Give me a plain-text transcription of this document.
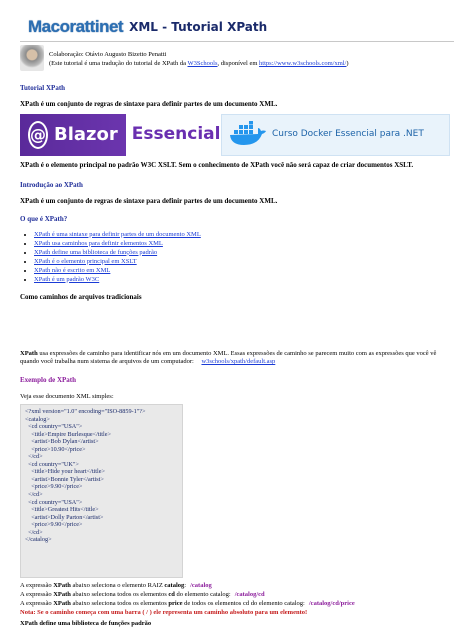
Macorattinet XML - Tutorial XPath
Colaboração: Otávio Augusto Bizetto Penatti
(Este tutorial é uma tradução do tutorial de XPath da W3Schools, disponível em https://www.w3schools.com/xml/)
Tutorial XPath
XPath é um conjunto de regras de sintaxe para definir partes de um documento XML.
@ Blazor Essencial	Curso Docker Essencial para .NET
XPath é o elemento principal no padrão W3C XSLT. Sem o conhecimento de XPath você não será capaz de criar documentos XSLT.
Introdução ao XPath
XPath é um conjunto de regras de sintaxe para definir partes de um documento XML.
O que é XPath?
• XPath é uma sintaxe para definir partes de um documento XML
• XPath usa caminhos para definir elementos XML
• XPath define uma biblioteca de funções padrão
• XPath é o elemento principal em XSLT
• XPath não é escrito em XML
• XPath é um padrão W3C
Como caminhos de arquivos tradicionais
XPath usa expressões de caminho para identificar nós em um documento XML. Essas expressões de caminho se parecem muito com as expressões que você vê quando você trabalha num sistema de arquivos de um computador: w3schools/xpath/default.asp
Exemplo de XPath
Veja esse documento XML simples:
<?xml version="1.0" encoding="ISO-8859-1"?>
<catalog>
<cd country="USA">
<title>Empire Burlesque</title>
<artist>Bob Dylan</artist>
<price>10.90</price>
</cd>
<cd country="UK">
<title>Hide your heart</title>
<artist>Bonnie Tyler</artist>
<price>9.90</price>
</cd>
<cd country="USA">
<title>Greatest Hits</title>
<artist>Dolly Parton</artist>
<price>9.90</price>
</cd>
</catalog>
A expressão XPath abaixo seleciona o elemento RAIZ catalog: /catalog
A expressão XPath abaixo seleciona todos os elementos cd do elemento catalog: /catalog/cd
A expressão XPath abaixo seleciona todos os elementos price de todos os elementos cd do elemento catalog: /catalog/cd/price
Nota: Se o caminho começa com uma barra ( / ) ele representa um caminho absoluto para um elemento!
XPath define uma biblioteca de funções padrão
